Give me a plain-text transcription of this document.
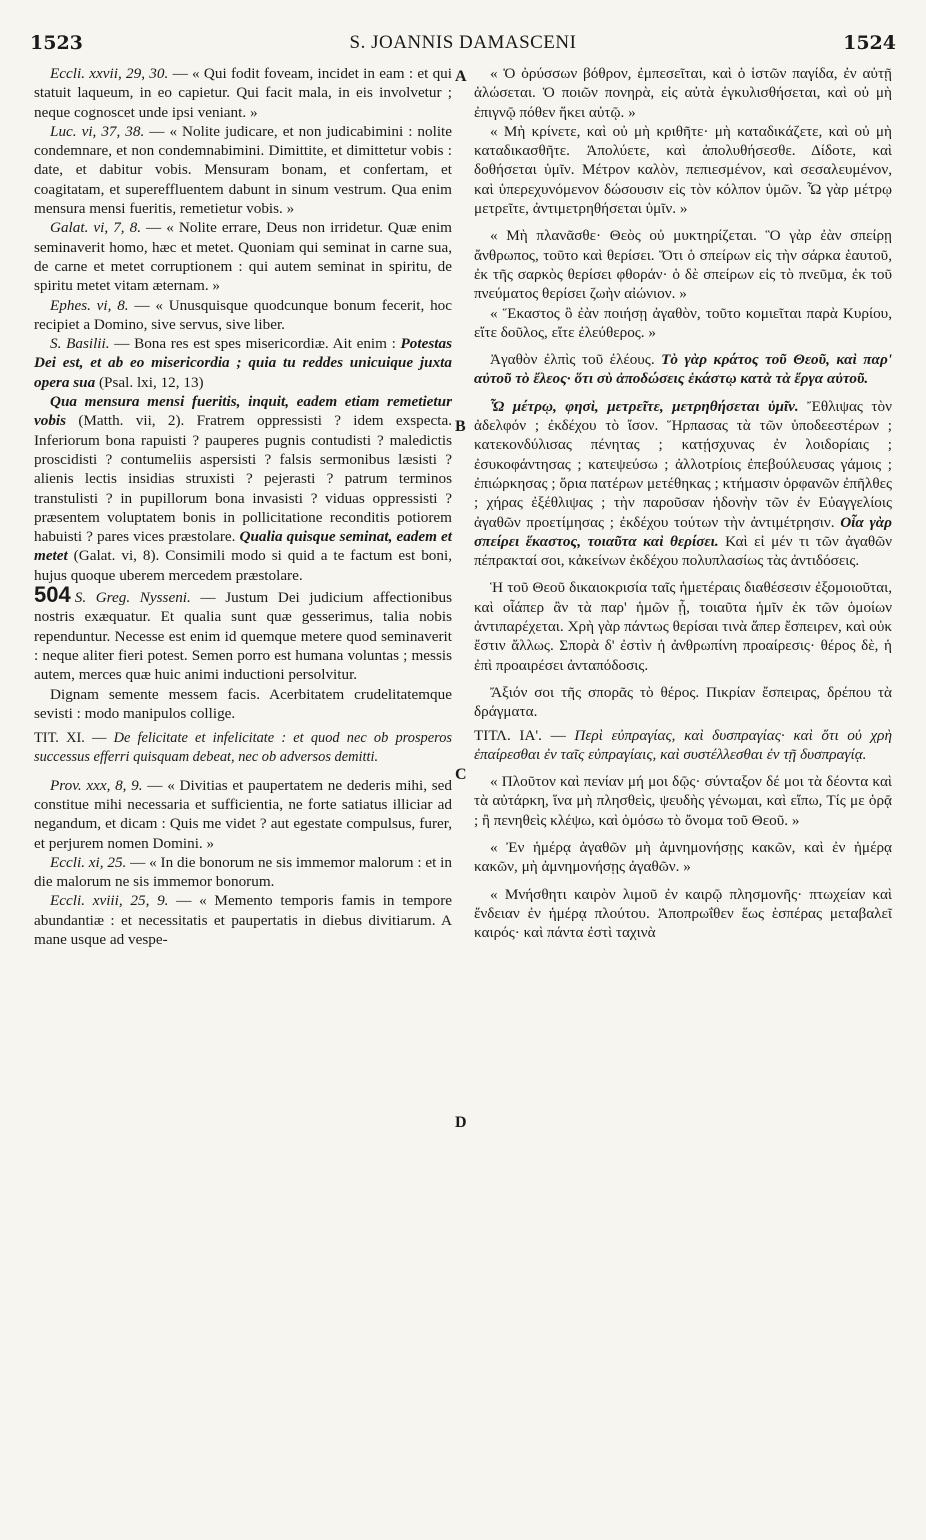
1523	S. JOANNIS DAMASCENI	1524
A
B
C
D

Eccli. xxvii, 29, 30. — « Qui fodit foveam, incidet in eam : et qui statuit laqueum, in eo capietur. Qui facit mala, in eis involvetur ; neque cognoscet unde ipsi veniant. »

Luc. vi, 37, 38. — « Nolite judicare, et non judicabimini : nolite condemnare, et non condemnabimini. Dimittite, et dimittetur vobis : date, et dabitur vobis. Mensuram bonam, et confertam, et coagitatam, et supereffluentem dabunt in sinum vestrum. Qua enim mensura mensi fueritis, remetietur vobis. »

Galat. vi, 7, 8. — « Nolite errare, Deus non irridetur. Quæ enim seminaverit homo, hæc et metet. Quoniam qui seminat in carne sua, de carne et metet corruptionem : qui autem seminat in spiritu, de spiritu metet vitam æternam. »

Ephes. vi, 8. — « Unusquisque quodcunque bonum fecerit, hoc recipiet a Domino, sive servus, sive liber.

S. Basilii. — Bona res est spes misericordiæ. Ait enim : Potestas Dei est, et ab eo misericordia ; quia tu reddes unicuique juxta opera sua (Psal. lxi, 12, 13)

Qua mensura mensi fueritis, inquit, eadem etiam remetietur vobis (Matth. vii, 2). Fratrem oppressisti ? idem exspecta. Inferiorum bona rapuisti ? pauperes pugnis contudisti ? maledictis proscidisti ? contumeliis aspersisti ? falsis sermonibus læsisti ? alienis lectis insidias struxisti ? pejerasti ? patrum terminos transtulisti ? in pupillorum bona invasisti ? viduas oppressisti ? præsentem voluptatem bonis in pollicitatione reconditis potiorem habuisti ? pares vices præstolare. Qualia quisque seminat, eadem et metet (Galat. vi, 8). Consimili modo si quid a te factum est boni, hujus quoque uberem mercedem præstolare.

504 S. Greg. Nysseni. — Justum Dei judicium affectionibus nostris exæquatur. Et qualia sunt quæ gesserimus, talia nobis rependuntur. Necesse est enim id quemque metere quod seminaverit : neque aliter fieri potest. Semen porro est humana voluntas ; messis autem, merces quæ huic animi inductioni persolvitur.

Dignam semente messem facis. Acerbitatem crudelitatemque sevisti : modo manipulos collige.

TIT. XI. — De felicitate et infelicitate : et quod nec ob prosperos successus efferri quisquam debeat, nec ob adversos demitti.

Prov. xxx, 8, 9. — « Divitias et paupertatem ne dederis mihi, sed constitue mihi necessaria et sufficientia, ne forte satiatus illiciar ad negandum, et dicam : Quis me videt ? aut egestate compulsus, furer, et perjurem nomen Domini. »

Eccli. xi, 25. — « In die bonorum ne sis immemor malorum : et in die malorum ne sis immemor bonorum.

Eccli. xviii, 25, 9. — « Memento temporis famis in tempore abundantiæ : et necessitatis et paupertatis in diebus divitiarum. A mane usque ad vespe-

« Ὁ ὀρύσσων βόθρον, ἐμπεσεῖται, καὶ ὁ ἱστῶν παγίδα, ἐν αὐτῇ ἁλώσεται. Ὁ ποιῶν πονηρὰ, εἰς αὐτὰ ἐγκυλισθήσεται, καὶ οὐ μὴ ἐπιγνῷ πόθεν ἥκει αὐτῷ. »

« Μὴ κρίνετε, καὶ οὐ μὴ κριθῆτε· μὴ καταδικάζετε, καὶ οὐ μὴ καταδικασθῆτε. Ἀπολύετε, καὶ ἀπολυθήσεσθε. Δίδοτε, καὶ δοθήσεται ὑμῖν. Μέτρον καλὸν, πεπιεσμένον, καὶ σεσαλευμένον, καὶ ὑπερεχυνόμενον δώσουσιν εἰς τὸν κόλπον ὑμῶν. Ὧ γὰρ μέτρῳ μετρεῖτε, ἀντιμετρηθήσεται ὑμῖν. »

« Μὴ πλανᾶσθε· Θεὸς οὐ μυκτηρίζεται. Ὃ γὰρ ἐὰν σπείρῃ ἄνθρωπος, τοῦτο καὶ θερίσει. Ὅτι ὁ σπείρων εἰς τὴν σάρκα ἑαυτοῦ, ἐκ τῆς σαρκὸς θερίσει φθοράν· ὁ δὲ σπείρων εἰς τὸ πνεῦμα, ἐκ τοῦ πνεύματος θερίσει ζωὴν αἰώνιον. »

« Ἕκαστος ὃ ἐὰν ποιήσῃ ἀγαθὸν, τοῦτο κομιεῖται παρὰ Κυρίου, εἴτε δοῦλος, εἴτε ἐλεύθερος. »

Ἀγαθὸν ἐλπὶς τοῦ ἐλέους. Τὸ γὰρ κράτος τοῦ Θεοῦ, καὶ παρ' αὐτοῦ τὸ ἔλεος· ὅτι σὺ ἀποδώσεις ἑκάστῳ κατὰ τὰ ἔργα αὐτοῦ.

Ὧ μέτρῳ, φησὶ, μετρεῖτε, μετρηθήσεται ὑμῖν. Ἔθλιψας τὸν ἀδελφόν ; ἐκδέχου τὸ ἴσον. Ἥρπασας τὰ τῶν ὑποδεεστέρων ; κατεκονδύλισας πένητας ; κατῄσχυνας ἐν λοιδορίαις ; ἐσυκοφάντησας ; κατεψεύσω ; ἀλλοτρίοις ἐπεβούλευσας γάμοις ; ἐπιώρκησας ; ὅρια πατέρων μετέθηκας ; κτήμασιν ὀρφανῶν ἐπῆλθες ; χήρας ἐξέθλιψας ; τὴν παροῦσαν ἡδονὴν τῶν ἐν Εὐαγγελίοις ἀγαθῶν προετίμησας ; ἐκδέχου τούτων τὴν ἀντιμέτρησιν. Οἷα γὰρ σπείρει ἕκαστος, τοιαῦτα καὶ θερίσει. Καὶ εἰ μέν τι τῶν ἀγαθῶν πέπρακταί σοι, κἀκείνων ἐκδέχου πολυπλασίως τὰς ἀντιδόσεις.

Ἡ τοῦ Θεοῦ δικαιοκρισία ταῖς ἡμετέραις διαθέσεσιν ἐξομοιοῦται, καὶ οἷάπερ ἂν τὰ παρ' ἡμῶν ᾖ, τοιαῦτα ἡμῖν ἐκ τῶν ὁμοίων ἀντιπαρέχεται. Χρὴ γὰρ πάντως θερίσαι τινὰ ἅπερ ἔσπειρεν, καὶ οὐκ ἔστιν ἄλλως. Σπορὰ δ' ἐστὶν ἡ ἀνθρωπίνη προαίρεσις· θέρος δὲ, ἡ ἐπὶ προαιρέσει ἀνταπόδοσις.

Ἄξιόν σοι τῆς σπορᾶς τὸ θέρος. Πικρίαν ἔσπειρας, δρέπου τὰ δράγματα.

ΤΙΤΛ. ΙΑ'. — Περὶ εὐπραγίας, καὶ δυσπραγίας· καὶ ὅτι οὐ χρὴ ἐπαίρεσθαι ἐν ταῖς εὐπραγίαις, καὶ συστέλλεσθαι ἐν τῇ δυσπραγίᾳ.

« Πλοῦτον καὶ πενίαν μή μοι δῷς· σύνταξον δέ μοι τὰ δέοντα καὶ τὰ αὐτάρκη, ἵνα μὴ πλησθεὶς, ψευδὴς γένωμαι, καὶ εἴπω, Τίς με ὁρᾷ ; ἢ πενηθεὶς κλέψω, καὶ ὀμόσω τὸ ὄνομα τοῦ Θεοῦ. »

« Ἐν ἡμέρᾳ ἀγαθῶν μὴ ἀμνημονήσῃς κακῶν, καὶ ἐν ἡμέρᾳ κακῶν, μὴ ἀμνημονήσῃς ἀγαθῶν. »

« Μνήσθητι καιρὸν λιμοῦ ἐν καιρῷ πλησμονῆς· πτωχείαν καὶ ἔνδειαν ἐν ἡμέρᾳ πλούτου. Ἀποπρωΐθεν ἕως ἑσπέρας μεταβαλεῖ καιρός· καὶ πάντα ἐστὶ ταχινὰ
